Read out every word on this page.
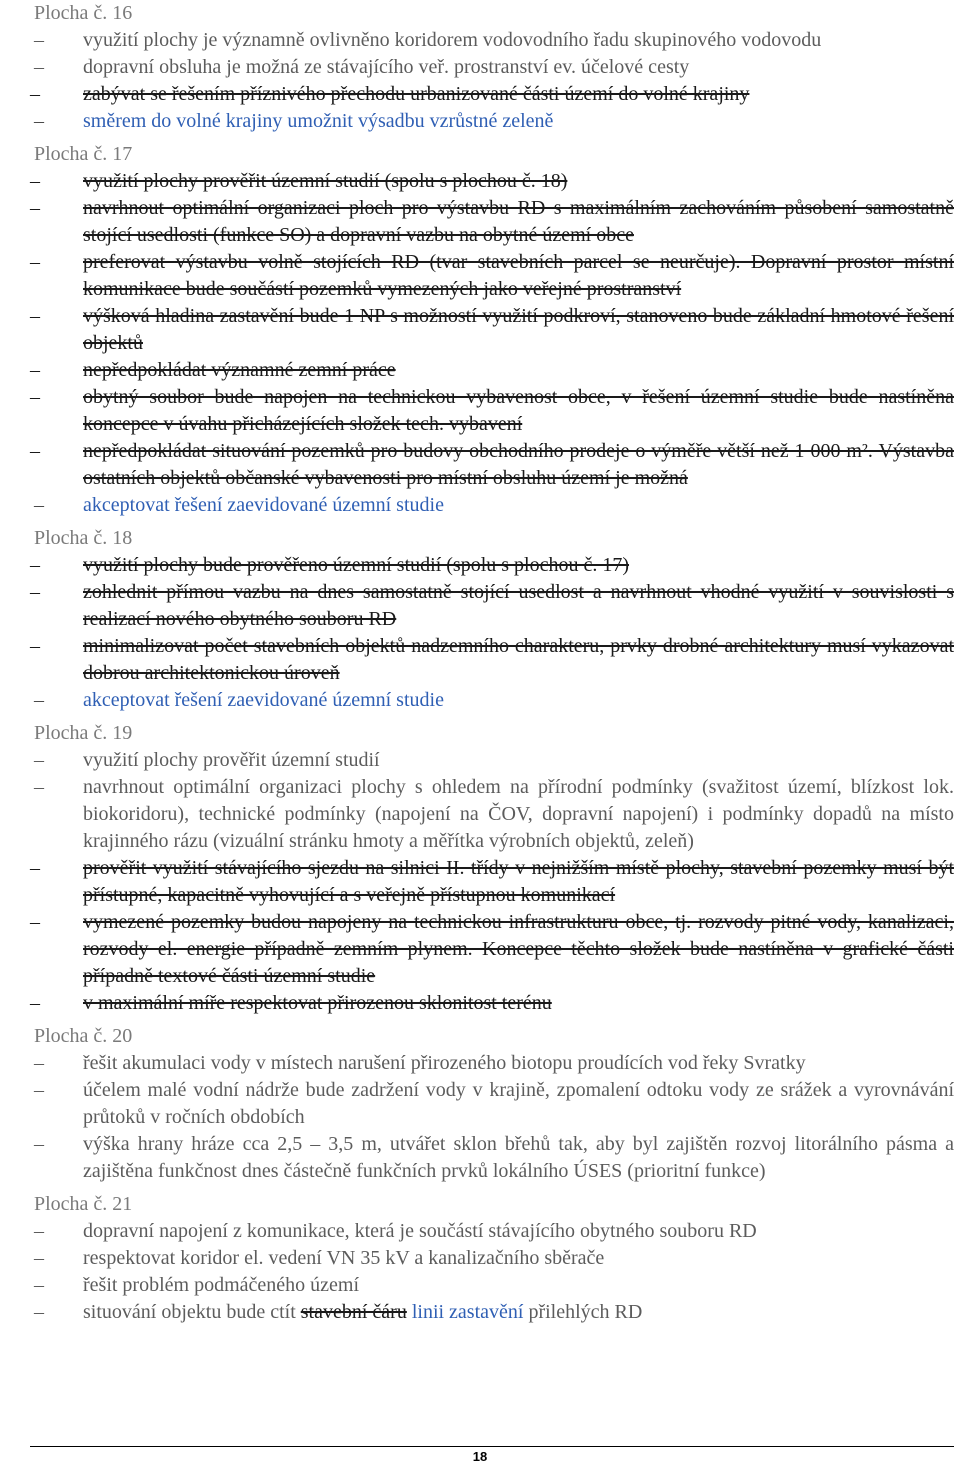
Plocha č. 16
–	využití plochy je významně ovlivněno koridorem vodovodního řadu skupinového vodovodu
–	dopravní obsluha je možná ze stávajícího veř. prostranství ev. účelové cesty
–	zabývat se řešením příznivého přechodu urbanizované části území do volné krajiny
–	směrem do volné krajiny umožnit výsadbu vzrůstné zeleně
Plocha č. 17
–	využití plochy prověřit územní studií (spolu s plochou č. 18)
–	navrhnout optimální organizaci ploch pro výstavbu RD s maximálním zachováním působení samostatně stojící usedlosti (funkce SO) a dopravní vazbu na obytné území obce
–	preferovat výstavbu volně stojících RD (tvar stavebních parcel se neurčuje). Dopravní prostor místní komunikace bude součástí pozemků vymezených jako veřejné prostranství
–	výšková hladina zastavění bude 1 NP s možností využití podkroví, stanoveno bude základní hmotové řešení objektů
–	nepředpokládat významné zemní práce
–	obytný soubor bude napojen na technickou vybavenost obce, v řešení územní studie bude nastíněna koncepce v úvahu přicházejících složek tech. vybavení
–	nepředpokládat situování pozemků pro budovy obchodního prodeje o výměře větší než 1 000 m². Výstavba ostatních objektů občanské vybavenosti pro místní obsluhu území je možná
–	akceptovat řešení zaevidované územní studie
Plocha č. 18
–	využití plochy bude prověřeno územní studií (spolu s plochou č. 17)
–	zohlednit přímou vazbu na dnes samostatně stojící usedlost a navrhnout vhodné využití v souvislosti s realizací nového obytného souboru RD
–	minimalizovat počet stavebních objektů nadzemního charakteru, prvky drobné architektury musí vykazovat dobrou architektonickou úroveň
–	akceptovat řešení zaevidované územní studie
Plocha č. 19
–	využití plochy prověřit územní studií
–	navrhnout optimální organizaci plochy s ohledem na přírodní podmínky (svažitost území, blízkost lok. biokoridoru), technické podmínky (napojení na ČOV, dopravní napojení) i podmínky dopadů na místo krajinného rázu (vizuální stránku hmoty a měřítka výrobních objektů, zeleň)
–	prověřit využití stávajícího sjezdu na silnici II. třídy v nejnižším místě plochy, stavební pozemky musí být přístupné, kapacitně vyhovující a s veřejně přístupnou komunikací
–	vymezené pozemky budou napojeny na technickou infrastrukturu obce, tj. rozvody pitné vody, kanalizaci, rozvody el. energie případně zemním plynem. Koncepce těchto složek bude nastíněna v grafické části případně textové části územní studie
–	v maximální míře respektovat přirozenou sklonitost terénu
Plocha č. 20
–	řešit akumulaci vody v místech narušení přirozeného biotopu proudících vod řeky Svratky
–	účelem malé vodní nádrže bude zadržení vody v krajině, zpomalení odtoku vody ze srážek a vyrovnávání průtoků v ročních obdobích
–	výška hrany hráze cca 2,5 – 3,5 m, utvářet sklon břehů tak, aby byl zajištěn rozvoj litorálního pásma a zajištěna funkčnost dnes částečně funkčních prvků lokálního ÚSES (prioritní funkce)
Plocha č. 21
–	dopravní napojení z komunikace, která je součástí stávajícího obytného souboru RD
–	respektovat koridor el. vedení VN 35 kV a kanalizačního sběrače
–	řešit problém podmáčeného území
–	situování objektu bude ctít stavební čáru linii zastavění přilehlých RD
18
